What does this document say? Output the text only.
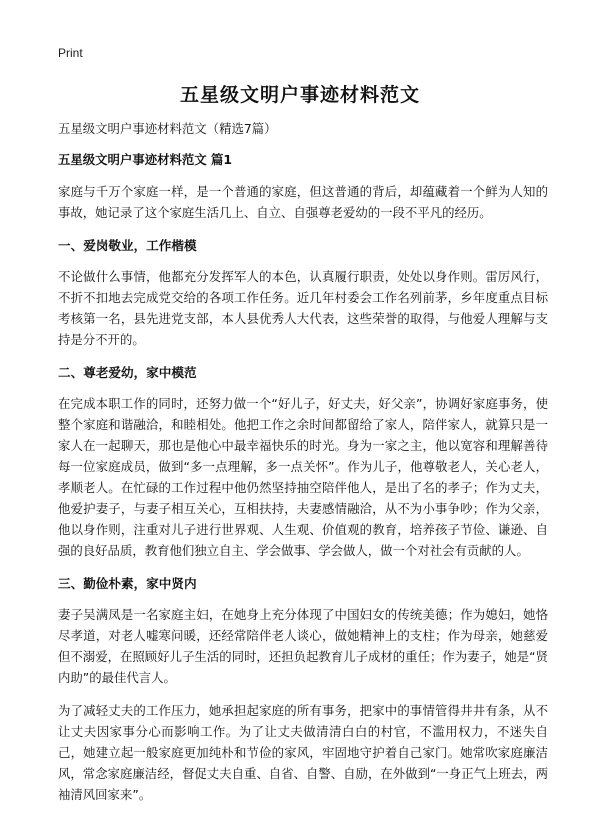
Print
五星级文明户事迹材料范文

五星级文明户事迹材料范文（精选7篇）

五星级文明户事迹材料范文 篇1

家庭与千万个家庭一样，是一个普通的家庭，但这普通的背后，却蕴藏着一个鲜为人知的事故，她记录了这个家庭生活几上、自立、自强尊老爱幼的一段不平凡的经历。

一、爱岗敬业，工作楷模

不论做什么事情，他都充分发挥军人的本色，认真履行职责，处处以身作则。雷厉风行，不折不扣地去完成党交给的各项工作任务。近几年村委会工作名列前茅，乡年度重点目标考核第一名，县先进党支部，本人县优秀人大代表，这些荣誉的取得，与他爱人理解与支持是分不开的。

二、尊老爱幼，家中模范

在完成本职工作的同时，还努力做一个“好儿子，好丈夫，好父亲”，协调好家庭事务，使整个家庭和谐融洽，和睦相处。他把工作之余时间都留给了家人，陪伴家人，就算只是一家人在一起聊天，那也是他心中最幸福快乐的时光。身为一家之主，他以宽容和理解善待每一位家庭成员，做到“多一点理解，多一点关怀”。作为儿子，他尊敬老人，关心老人，孝顺老人。在忙碌的工作过程中他仍然坚持抽空陪伴他人，是出了名的孝子；作为丈夫，他爱护妻子，与妻子相互关心，互相扶持，夫妻感情融洽，从不为小事争吵；作为父亲，他以身作则，注重对儿子进行世界观、人生观、价值观的教育，培养孩子节俭、谦逊、自强的良好品质，教育他们独立自主、学会做事、学会做人，做一个对社会有贡献的人。

三、勤俭朴素，家中贤内

妻子吴满凤是一名家庭主妇，在她身上充分体现了中国妇女的传统美德；作为媳妇，她恪尽孝道，对老人嘘寒问暖，还经常陪伴老人谈心，做她精神上的支柱；作为母亲，她慈爱但不溺爱，在照顾好儿子生活的同时，还担负起教育儿子成材的重任；作为妻子，她是“贤内助”的最佳代言人。

为了减轻丈夫的工作压力，她承担起家庭的所有事务，把家中的事情管得井井有条，从不让丈夫因家事分心而影响工作。为了让丈夫做清清白白的村官，不滥用权力，不迷失自己，她建立起一般家庭更加纯朴和节俭的家风，牢固地守护着自己家门。她常吹家庭廉洁风，常念家庭廉洁经，督促丈夫自重、自省、自警、自励，在外做到“一身正气上班去，两袖清风回家来”。
